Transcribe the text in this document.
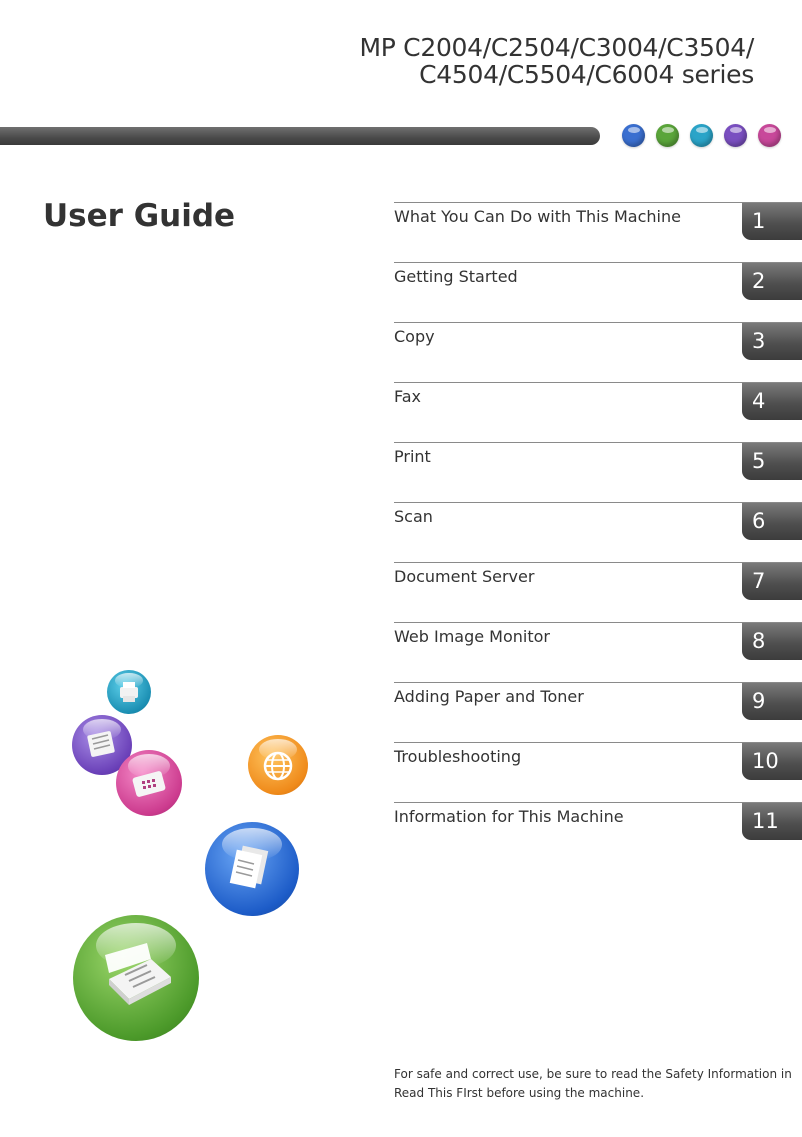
MP C2004/C2504/C3004/C3504/

C4504/C5504/C6004 series
User Guide	What You Can Do with This Machine	1
Getting Started	2
Copy	3
Fax	4
Print	5
Scan	6
Document Server	7
Web Image Monitor	8
Adding Paper and Toner	9
Troubleshooting	10
Information for This Machine	11
For safe and correct use, be sure to read the Safety Information in
Read This FIrst before using the machine.
